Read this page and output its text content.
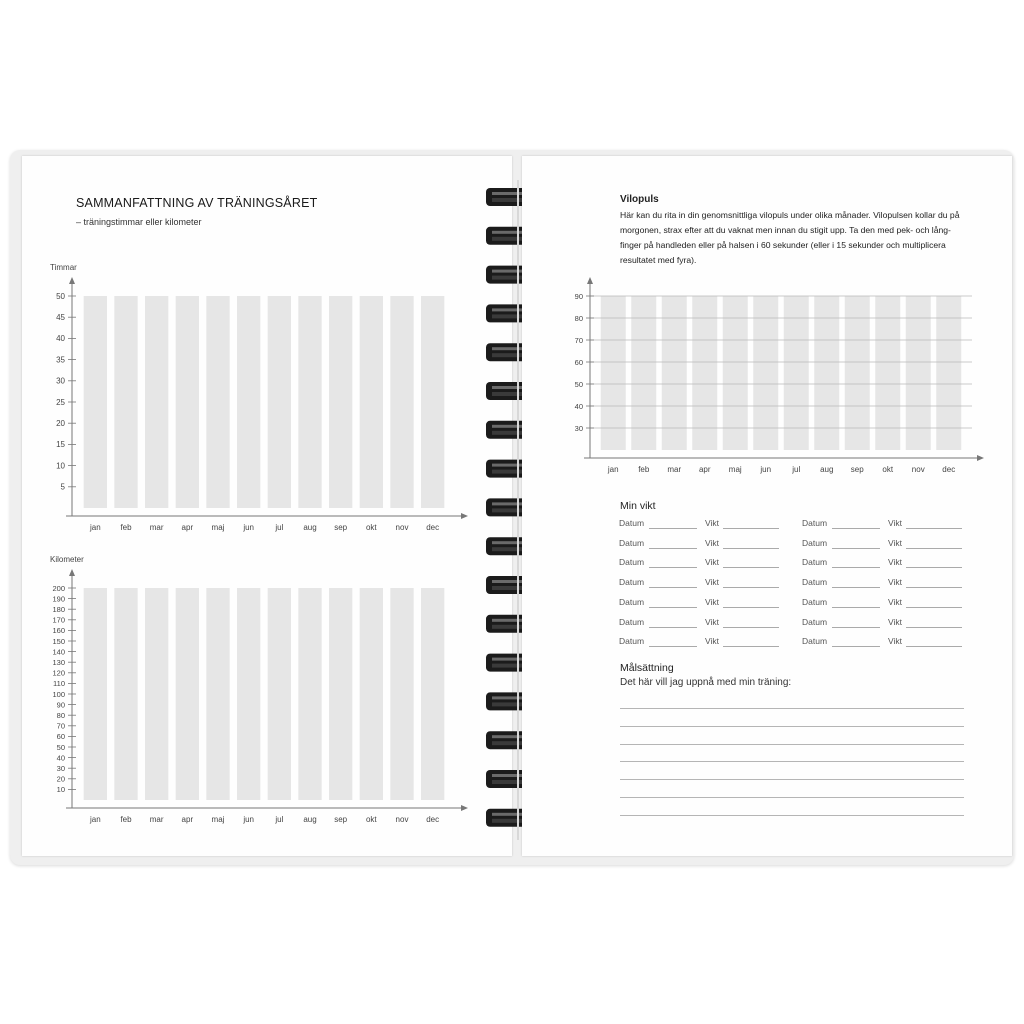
SAMMANFATTNING AV TRÄNINGSÅRET
– träningstimmar eller kilometer
Timmar
5
10
15
20
25
30
35
40
45
50
jan feb mar apr maj jun	jul aug sep okt nov dec
Kilometer
10
20
30
40
50
60
70
80
90
100
110
120
130
140
150
160
170
180
190
200
jan feb mar apr maj jun	jul aug sep okt nov dec
Vilopuls
Här kan du rita in din genomsnittliga vilopuls under olika månader. Vilopulsen kollar du på
morgonen, strax efter att du vaknat men innan du stigit upp. Ta den med pek- och lång-
finger på handleden eller på halsen i 60 sekunder (eller i 15 sekunder och multiplicera
resultatet med fyra).
30
40
50
60
70
80
90
jan feb mar apr maj jun	jul aug sep okt nov dec
Min vikt
Datum	Vikt	Datum	Vikt
Datum	Vikt	Datum	Vikt
Datum	Vikt	Datum	Vikt
Datum	Vikt	Datum	Vikt
Datum	Vikt	Datum	Vikt
Datum	Vikt	Datum	Vikt
Datum	Vikt	Datum	Vikt
Målsättning
Det här vill jag uppnå med min träning:
